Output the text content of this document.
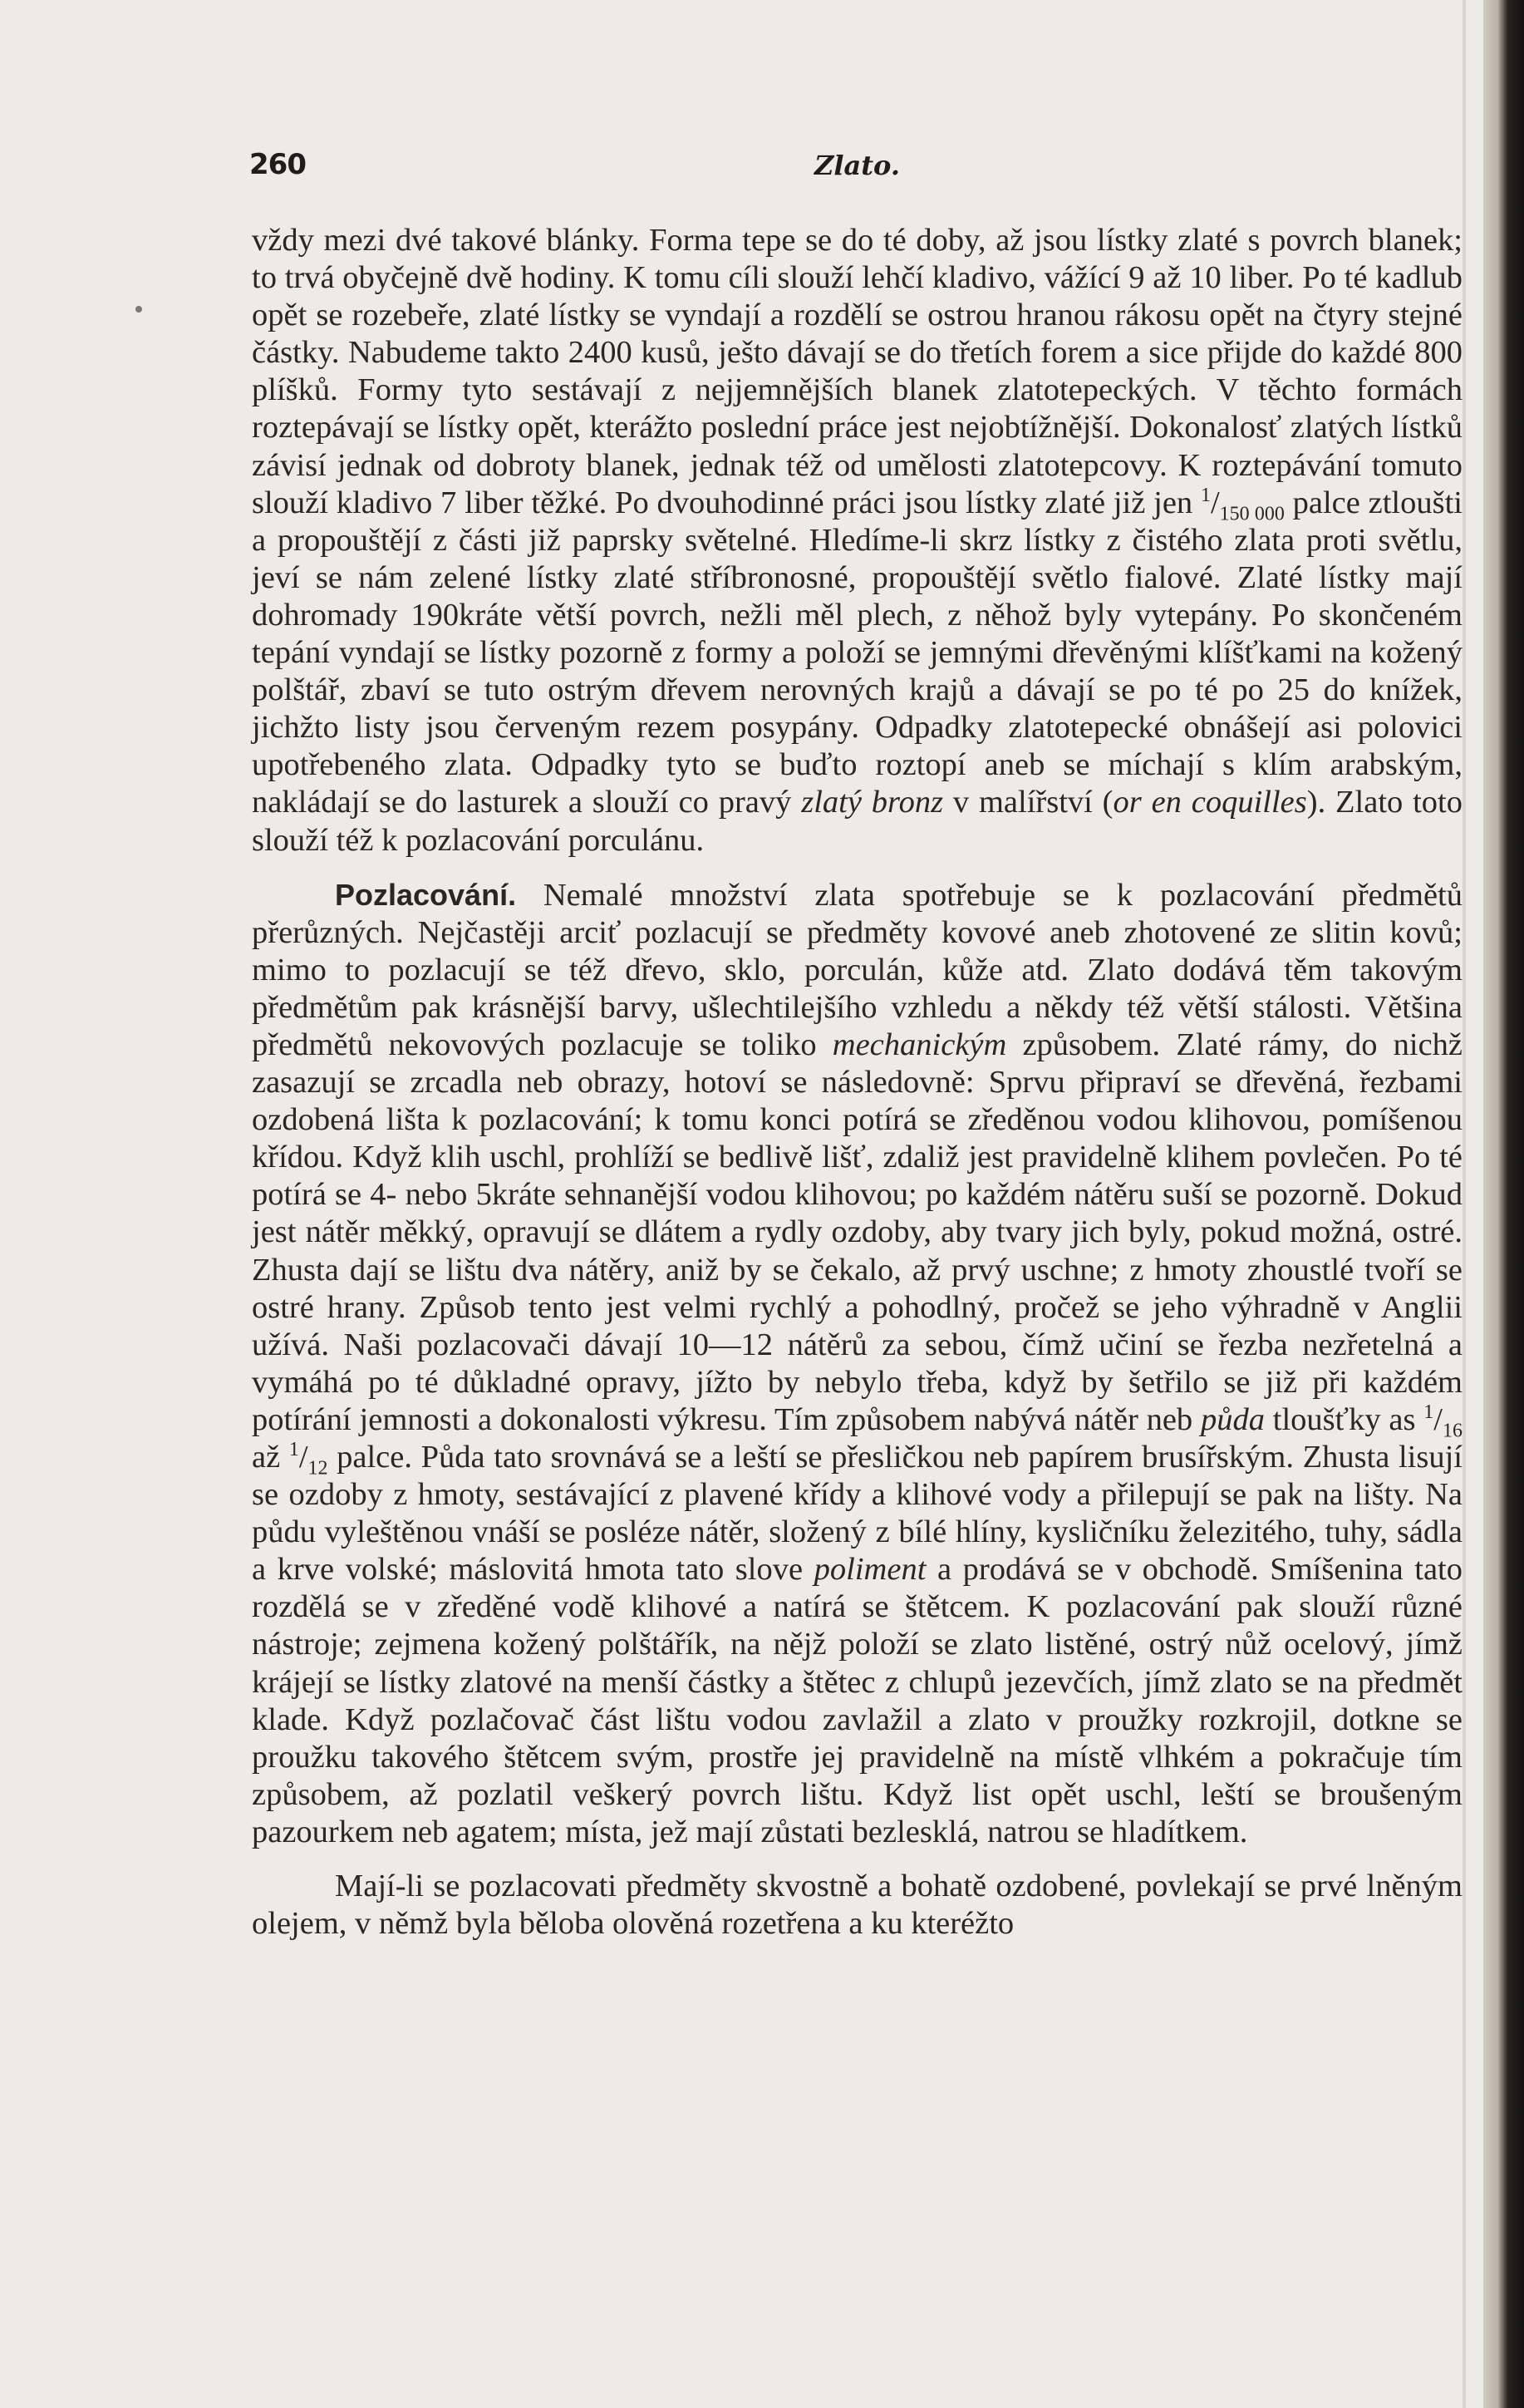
260	Zlato.

vždy mezi dvé takové blánky. Forma tepe se do té doby, až jsou lístky zlaté s povrch blanek; to trvá obyčejně dvě hodiny. K tomu cíli slouží lehčí kladivo, vážící 9 až 10 liber. Po té kadlub opět se rozebeře, zlaté lístky se vyndají a rozdělí se ostrou hranou rákosu opět na čtyry stejné částky. Nabudeme takto 2400 kusů, ješto dávají se do třetích forem a sice přijde do každé 800 plíšků. Formy tyto sestávají z nejjemnějších blanek zlatotepeckých. V těchto formách roztepávají se lístky opět, kterážto poslední práce jest nejobtížnější. Dokonalosť zlatých lístků závisí jednak od dobroty blanek, jednak též od umělosti zlatotepcovy. K roztepávání tomuto slouží kladivo 7 liber těžké. Po dvouhodinné práci jsou lístky zlaté již jen $^1/_{150 000}$ palce ztloušti a propouštějí z části již paprsky světelné. Hledíme-li skrz lístky z čistého zlata proti světlu, jeví se nám zelené lístky zlaté stříbronosné, propouštějí světlo fialové. Zlaté lístky mají dohromady 190kráte větší povrch, nežli měl plech, z něhož byly vytepány. Po skončeném tepání vyndají se lístky pozorně z formy a položí se jemnými dřevěnými klíšťkami na kožený polštář, zbaví se tuto ostrým dřevem nerovných krajů a dávají se po té po 25 do knížek, jichžto listy jsou červeným rezem posypány. Odpadky zlatotepecké obnášejí asi polovici upotřebeného zlata. Odpadky tyto se buďto roztopí aneb se míchají s klím arabským, nakládají se do lasturek a slouží co pravý zlatý bronz v malířství (or en coquilles). Zlato toto slouží též k pozlacování porculánu.

Pozlacování. Nemalé množství zlata spotřebuje se k pozlacování předmětů přerůzných. Nejčastěji arciť pozlacují se předměty kovové aneb zhotovené ze slitin kovů; mimo to pozlacují se též dřevo, sklo, porculán, kůže atd. Zlato dodává těm takovým předmětům pak krásnější barvy, ušlechtilejšího vzhledu a někdy též větší stálosti. Většina předmětů nekovových pozlacuje se toliko mechanickým způsobem. Zlaté rámy, do nichž zasazují se zrcadla neb obrazy, hotoví se následovně: Sprvu připraví se dřevěná, řezbami ozdobená lišta k pozlacování; k tomu konci potírá se zředěnou vodou klihovou, pomíšenou křídou. Když klih uschl, prohlíží se bedlivě lišť, zdaliž jest pravidelně klihem povlečen. Po té potírá se 4- nebo 5kráte sehnanější vodou klihovou; po každém nátěru suší se pozorně. Dokud jest nátěr měkký, opravují se dlátem a rydly ozdoby, aby tvary jich byly, pokud možná, ostré. Zhusta dají se lištu dva nátěry, aniž by se čekalo, až prvý uschne; z hmoty zhoustlé tvoří se ostré hrany. Způsob tento jest velmi rychlý a pohodlný, pročež se jeho výhradně v Anglii užívá. Naši pozlacovači dávají 10—12 nátěrů za sebou, čímž učiní se řezba nezřetelná a vymáhá po té důkladné opravy, jížto by nebylo třeba, když by šetřilo se již při každém potírání jemnosti a dokonalosti výkresu. Tím způsobem nabývá nátěr neb půda tloušťky as $^1/_{16}$ až $^1/_{12}$ palce. Půda tato srovnává se a leští se přesličkou neb papírem brusířským. Zhusta lisují se ozdoby z hmoty, sestávající z plavené křídy a klihové vody a přilepují se pak na lišty. Na půdu vyleštěnou vnáší se posléze nátěr, složený z bílé hlíny, kysličníku železitého, tuhy, sádla a krve volské; máslovitá hmota tato slove poliment a prodává se v obchodě. Smíšenina tato rozdělá se v zředěné vodě klihové a natírá se štětcem. K pozlacování pak slouží různé nástroje; zejmena kožený polštářík, na nějž položí se zlato listěné, ostrý nůž ocelový, jímž krájejí se lístky zlatové na menší částky a štětec z chlupů jezevčích, jímž zlato se na předmět klade. Když pozlačovač část lištu vodou zavlažil a zlato v proužky rozkrojil, dotkne se proužku takového štětcem svým, prostře jej pravidelně na místě vlhkém a pokračuje tím způsobem, až pozlatil veškerý povrch lištu. Když list opět uschl, leští se broušeným pazourkem neb agatem; místa, jež mají zůstati bezlesklá, natrou se hladítkem.

Mají-li se pozlacovati předměty skvostně a bohatě ozdobené, povlekají se prvé lněným olejem, v němž byla běloba olověná rozetřena a ku kteréžto
